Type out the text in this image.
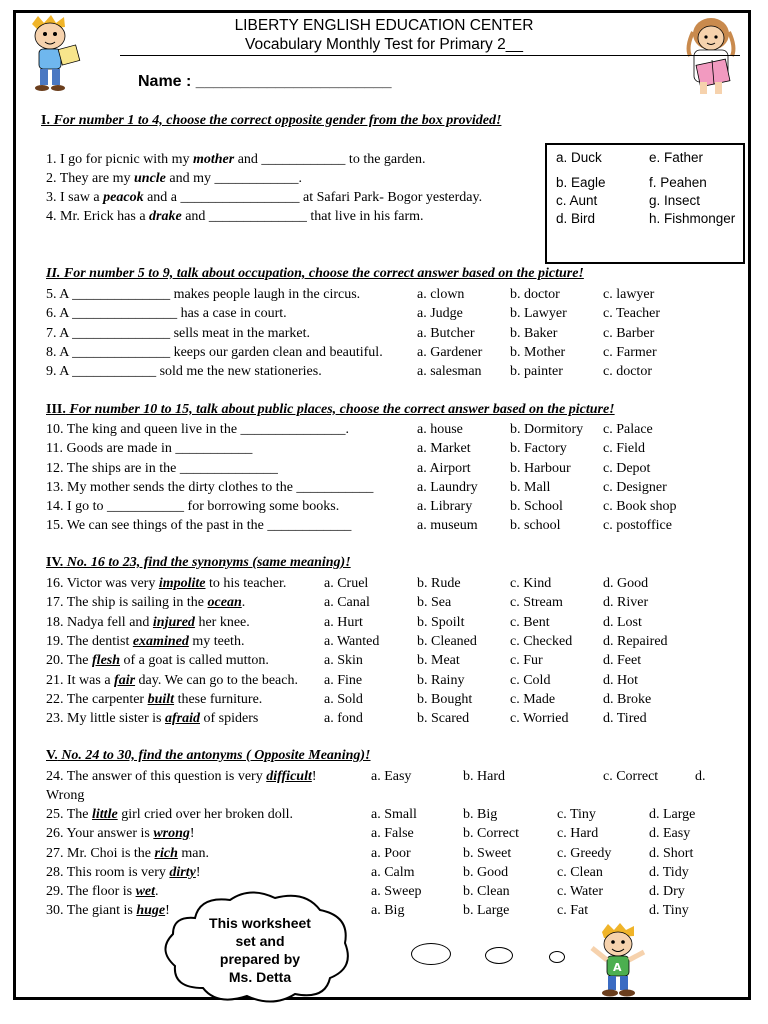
LIBERTY ENGLISH EDUCATION CENTER
Vocabulary Monthly Test for Primary 2__
Name : ______________________
I. For number 1 to 4, choose the correct opposite gender from the box provided!
1. I go for picnic with my mother and ____________ to the garden.
2. They are my uncle and my ____________.
3. I saw a peacok and a _________________ at Safari Park- Bogor yesterday.
4. Mr. Erick has a drake and ______________ that live in his farm.
a. Duck	e. Father
b. Eagle	f. Peahen
c. Aunt	g. Insect
d. Bird	h. Fishmonger
II. For number 5 to 9, talk about occupation, choose the correct answer based on the picture!
5. A ______________ makes people laugh in the circus.	a. clown	b. doctor	c. lawyer
6. A _______________ has a case in court.	a. Judge	b. Lawyer	c. Teacher
7. A ______________ sells meat in the market.	a. Butcher	b. Baker	c. Barber
8. A ______________ keeps our garden clean and beautiful. a. Gardener b. Mother	c. Farmer
9. A ____________ sold me the new stationeries.	a. salesman b. painter	c. doctor
III. For number 10 to 15, talk about public places, choose the correct answer based on the picture!
10. The king and queen live in the _______________.	a. house	b. Dormitory c. Palace
11. Goods are made in ___________	a. Market	b. Factory	c. Field
12. The ships are in the ______________	a. Airport	b. Harbour c. Depot
13. My mother sends the dirty clothes to the ___________	a. Laundry b. Mall	c. Designer
14. I go to ___________ for borrowing some books.	a. Library	b. School	c. Book shop
15. We can see things of the past in the ____________	a. museum b. school	c. postoffice
IV. No. 16 to 23, find the synonyms (same meaning)!
16. Victor was very impolite to his teacher.	a. Cruel	b. Rude	c. Kind	d. Good
17. The ship is sailing in the ocean.	a. Canal	b. Sea	c. Stream	d. River
18. Nadya fell and injured her knee.	a. Hurt	b. Spoilt	c. Bent	d. Lost
19. The dentist examined my teeth.	a. Wanted	b. Cleaned c. Checked d. Repaired
20. The flesh of a goat is called mutton.	a. Skin	b. Meat	c. Fur	d. Feet
21. It was a fair day. We can go to the beach. a. Fine	b. Rainy	c. Cold	d. Hot
22. The carpenter built these furniture.	a. Sold	b. Bought	c. Made	d. Broke
23. My little sister is afraid of spiders	a. fond	b. Scared	c. Worried d. Tired
V. No. 24 to 30, find the antonyms ( Opposite Meaning)!
24. The answer of this question is very difficult!	a. Easy	b. Hard	c. Correct	d.
Wrong
25. The little girl cried over her broken doll.	a. Small	b. Big	c. Tiny	d. Large
26. Your answer is wrong!	a. False	b. Correct	c. Hard	d. Easy
27. Mr. Choi is the rich man.	a. Poor	b. Sweet	c. Greedy	d. Short
28. This room is very dirty!	a. Calm	b. Good	c. Clean	d. Tidy
29. The floor is wet.	a. Sweep	b. Clean	c. Water	d. Dry
30. The giant is huge!	a. Big	b. Large	c. Fat	d. Tiny
This worksheet
set and
prepared by
Ms. Detta
A
